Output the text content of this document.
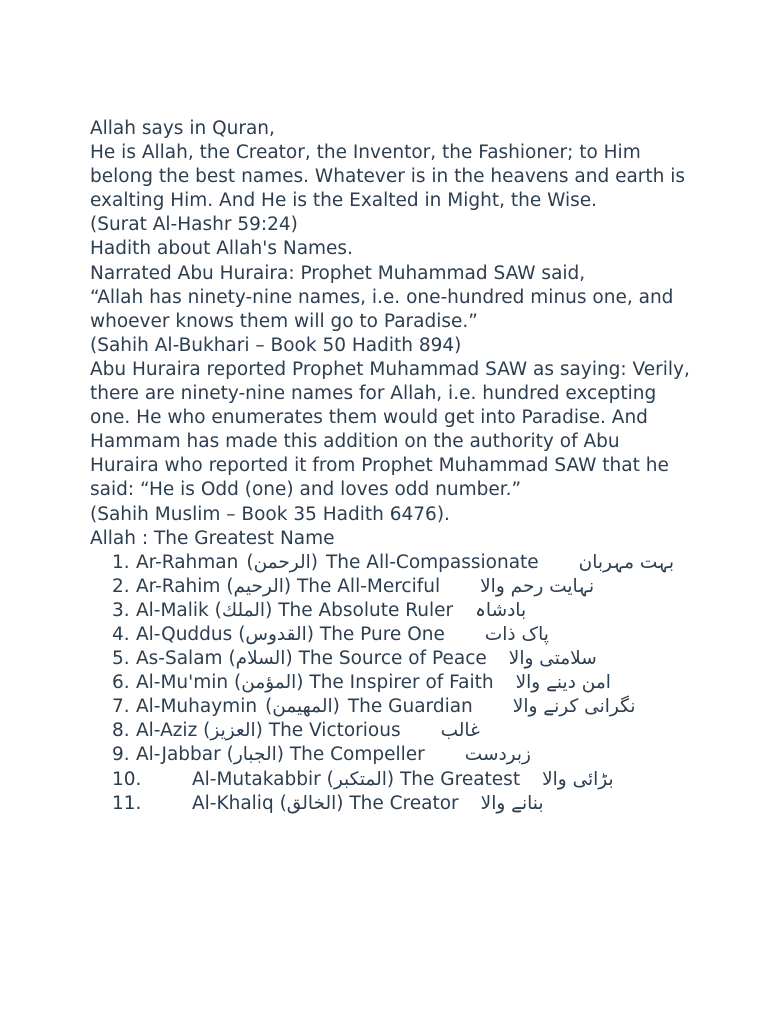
Allah says in Quran,

He is Allah, the Creator, the Inventor, the Fashioner; to Him belong the best names. Whatever is in the heavens and earth is exalting Him. And He is the Exalted in Might, the Wise.

(Surat Al-Hashr 59:24)

Hadith about Allah's Names.

Narrated Abu Huraira: Prophet Muhammad SAW said,

“Allah has ninety-nine names, i.e. one-hundred minus one, and whoever knows them will go to Paradise.”

(Sahih Al-Bukhari – Book 50 Hadith 894)

Abu Huraira reported Prophet Muhammad SAW as saying: Verily, there are ninety-nine names for Allah, i.e. hundred excepting one. He who enumerates them would get into Paradise. And Hammam has made this addition on the authority of Abu Huraira who reported it from Prophet Muhammad SAW that he said: “He is Odd (one) and loves odd number.”

(Sahih Muslim – Book 35 Hadith 6476).

Allah : The Greatest Name

1. Ar-Rahman (الرحمن) The All-Compassionate بہت مہربان
2. Ar-Rahim (الرحيم) The All-Merciful نہایت رحم والا
3. Al-Malik (الملك) The Absolute Ruler بادشاہ
4. Al-Quddus (القدوس) The Pure One پاک ذات
5. As-Salam (السلام) The Source of Peace سلامتی والا
6. Al-Mu'min (المؤمن) The Inspirer of Faith امن دینے والا
7. Al-Muhaymin (المهيمن) The Guardian نگرانی کرنے والا
8. Al-Aziz (العزيز) The Victorious غالب
9. Al-Jabbar (الجبار) The Compeller زبردست
10.	Al-Mutakabbir (المتكبر) The Greatest بڑائی والا
11.	Al-Khaliq (الخالق) The Creator بنانے والا
